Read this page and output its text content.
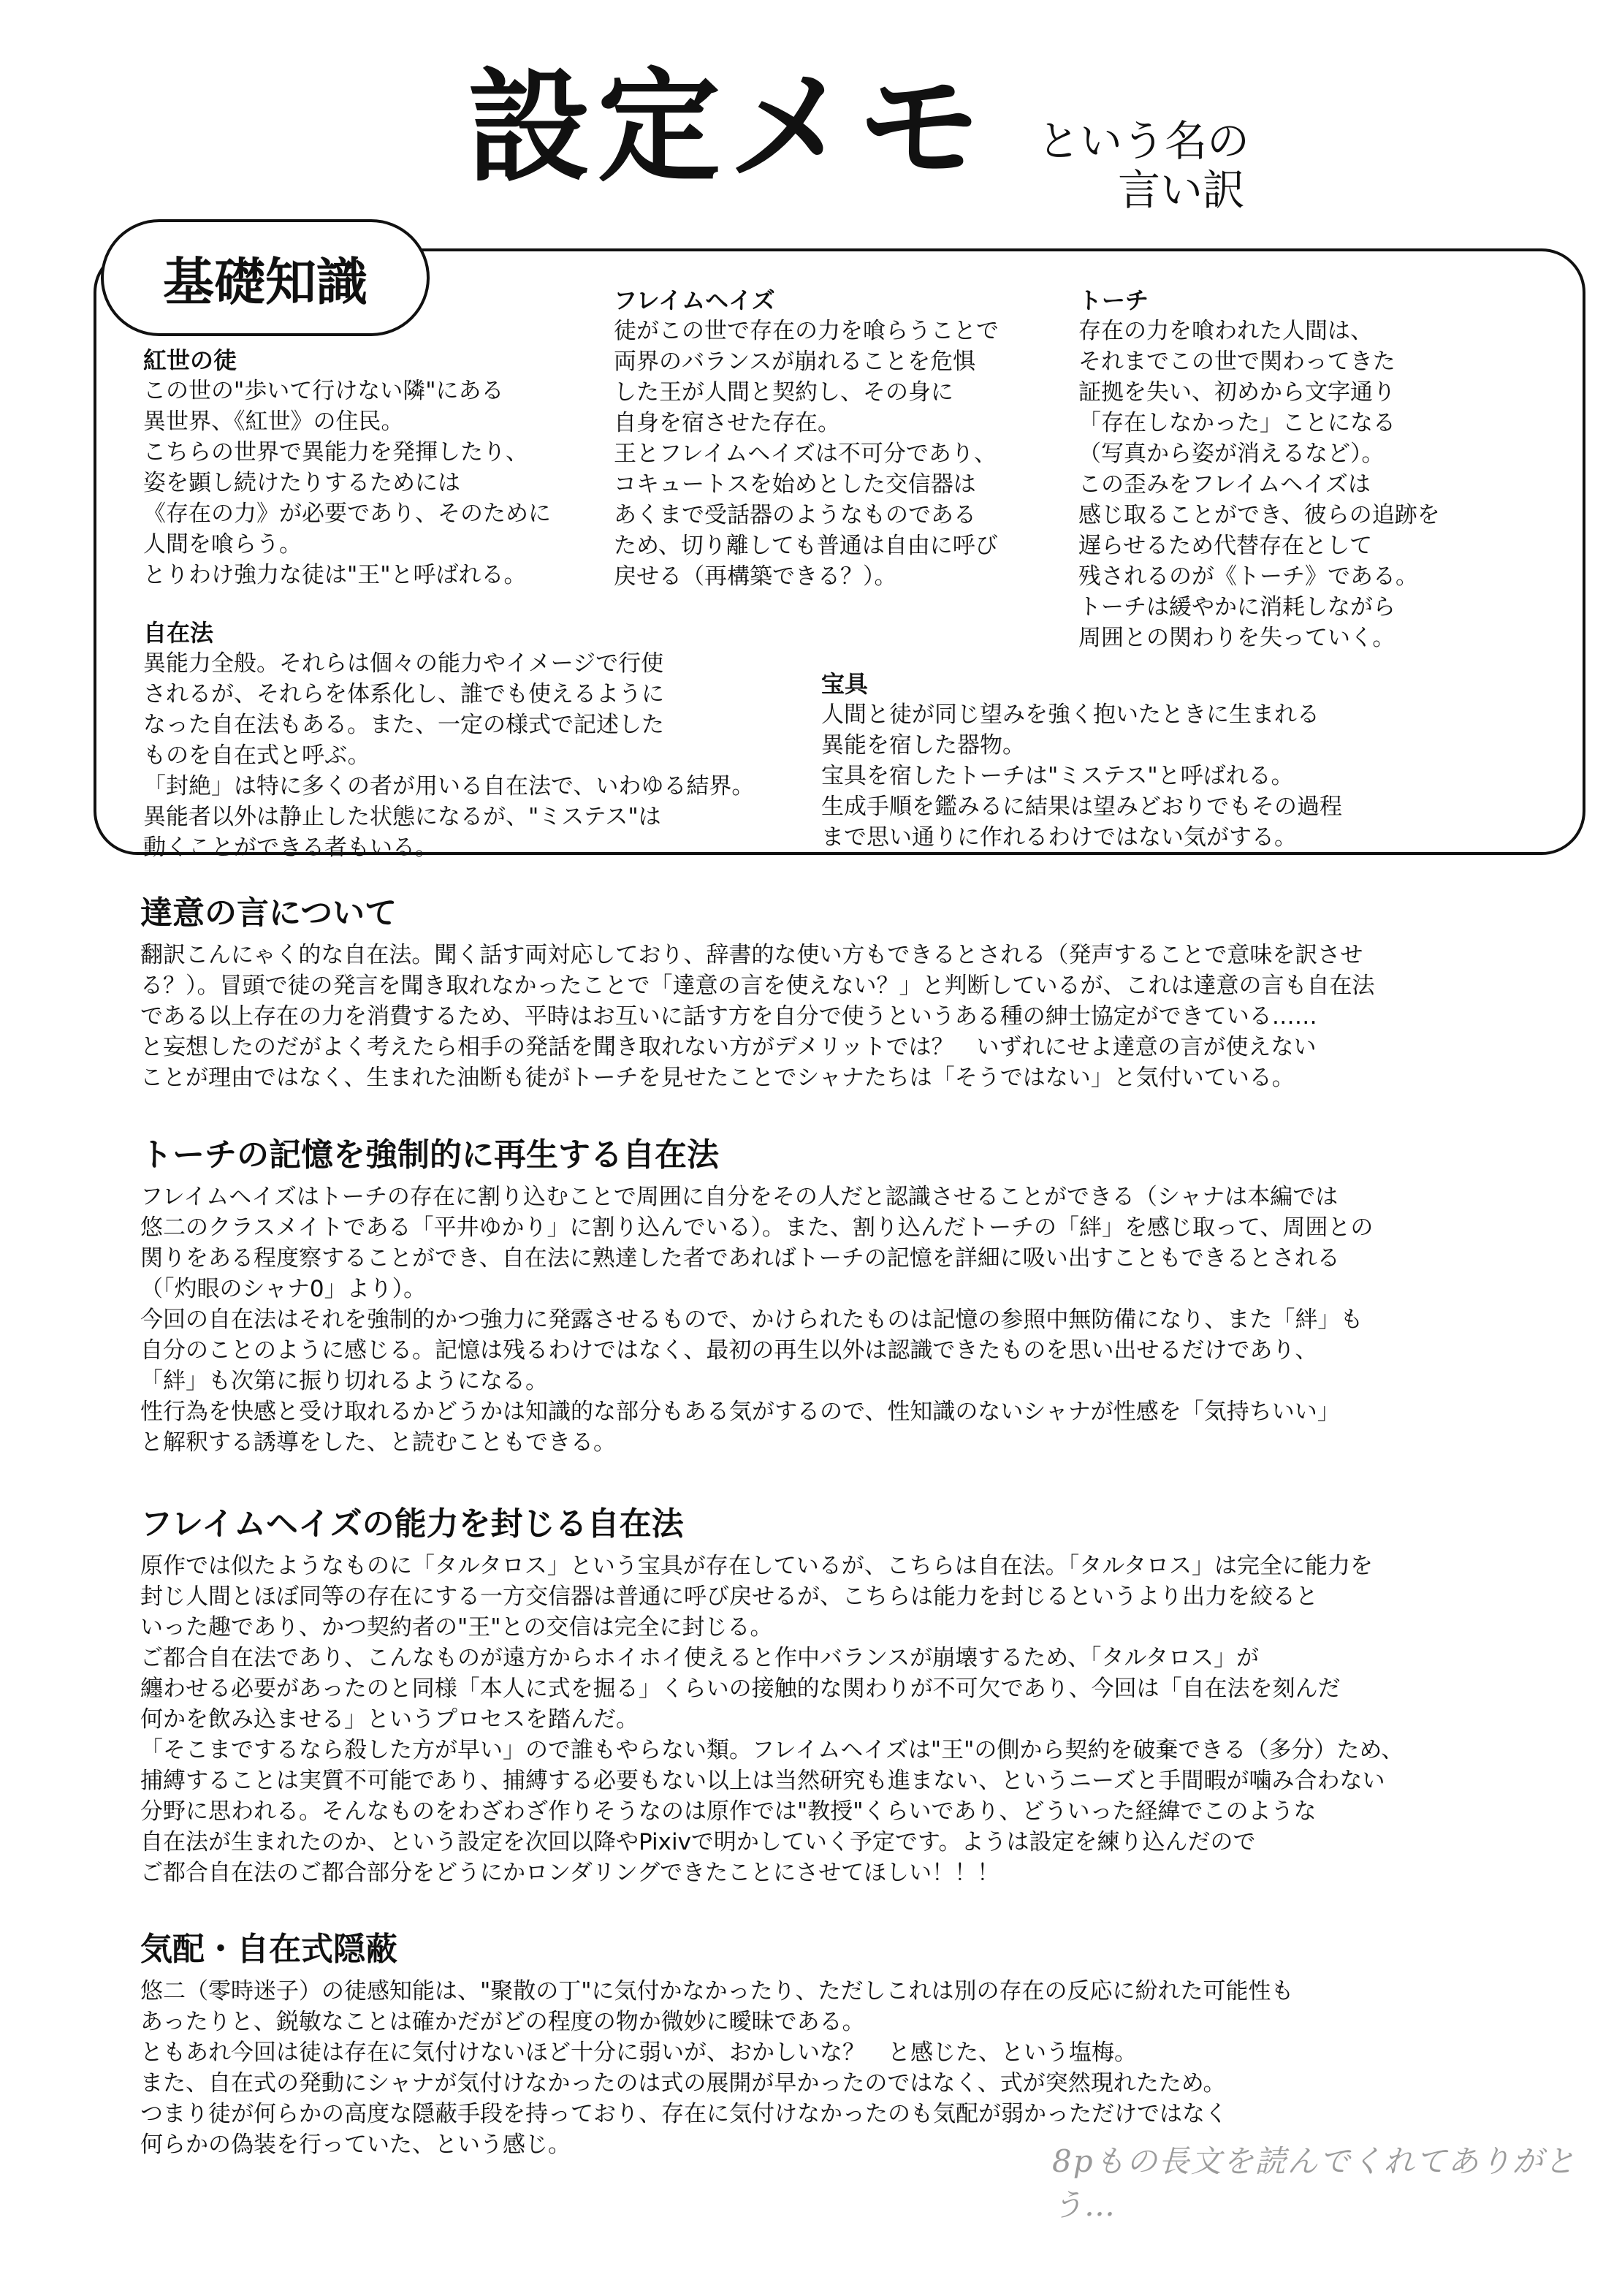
設定メモ という名の
言い訳
基礎知識
紅世の徒

この世の"歩いて行けない隣"にある
異世界、《紅世》の住民。
こちらの世界で異能力を発揮したり、
姿を顕し続けたりするためには
《存在の力》が必要であり、そのために
人間を喰らう。
とりわけ強力な徒は"王"と呼ばれる。

自在法

異能力全般。それらは個々の能力やイメージで行使
されるが、それらを体系化し、誰でも使えるように
なった自在法もある。また、一定の様式で記述した
ものを自在式と呼ぶ。
「封絶」は特に多くの者が用いる自在法で、いわゆる結界。
異能者以外は静止した状態になるが、"ミステス"は
動くことができる者もいる。

フレイムヘイズ

徒がこの世で存在の力を喰らうことで
両界のバランスが崩れることを危惧
した王が人間と契約し、その身に
自身を宿させた存在。
王とフレイムヘイズは不可分であり、
コキュートスを始めとした交信器は
あくまで受話器のようなものである
ため、切り離しても普通は自由に呼び
戻せる（再構築できる？）。

宝具

人間と徒が同じ望みを強く抱いたときに生まれる
異能を宿した器物。
宝具を宿したトーチは"ミステス"と呼ばれる。
生成手順を鑑みるに結果は望みどおりでもその過程
まで思い通りに作れるわけではない気がする。

トーチ

存在の力を喰われた人間は、
それまでこの世で関わってきた
証拠を失い、初めから文字通り
「存在しなかった」ことになる
（写真から姿が消えるなど）。
この歪みをフレイムヘイズは
感じ取ることができ、彼らの追跡を
遅らせるため代替存在として
残されるのが《トーチ》である。
トーチは緩やかに消耗しながら
周囲との関わりを失っていく。

達意の言について

翻訳こんにゃく的な自在法。聞く話す両対応しており、辞書的な使い方もできるとされる（発声することで意味を訳させ
る？）。冒頭で徒の発言を聞き取れなかったことで「達意の言を使えない？」と判断しているが、これは達意の言も自在法
である以上存在の力を消費するため、平時はお互いに話す方を自分で使うというある種の紳士協定ができている……
と妄想したのだがよく考えたら相手の発話を聞き取れない方がデメリットでは？　いずれにせよ達意の言が使えない
ことが理由ではなく、生まれた油断も徒がトーチを見せたことでシャナたちは「そうではない」と気付いている。

トーチの記憶を強制的に再生する自在法

フレイムヘイズはトーチの存在に割り込むことで周囲に自分をその人だと認識させることができる（シャナは本編では
悠二のクラスメイトである「平井ゆかり」に割り込んでいる）。また、割り込んだトーチの「絆」を感じ取って、周囲との
関りをある程度察することができ、自在法に熟達した者であればトーチの記憶を詳細に吸い出すこともできるとされる
（「灼眼のシャナ0」より）。
今回の自在法はそれを強制的かつ強力に発露させるもので、かけられたものは記憶の参照中無防備になり、また「絆」も
自分のことのように感じる。記憶は残るわけではなく、最初の再生以外は認識できたものを思い出せるだけであり、
「絆」も次第に振り切れるようになる。
性行為を快感と受け取れるかどうかは知識的な部分もある気がするので、性知識のないシャナが性感を「気持ちいい」
と解釈する誘導をした、と読むこともできる。

フレイムヘイズの能力を封じる自在法

原作では似たようなものに「タルタロス」という宝具が存在しているが、こちらは自在法。「タルタロス」は完全に能力を
封じ人間とほぼ同等の存在にする一方交信器は普通に呼び戻せるが、こちらは能力を封じるというより出力を絞ると
いった趣であり、かつ契約者の"王"との交信は完全に封じる。
ご都合自在法であり、こんなものが遠方からホイホイ使えると作中バランスが崩壊するため、「タルタロス」が
纏わせる必要があったのと同様「本人に式を掘る」くらいの接触的な関わりが不可欠であり、今回は「自在法を刻んだ
何かを飲み込ませる」というプロセスを踏んだ。
「そこまでするなら殺した方が早い」ので誰もやらない類。フレイムヘイズは"王"の側から契約を破棄できる（多分）ため、
捕縛することは実質不可能であり、捕縛する必要もない以上は当然研究も進まない、というニーズと手間暇が噛み合わない
分野に思われる。そんなものをわざわざ作りそうなのは原作では"教授"くらいであり、どういった経緯でこのような
自在法が生まれたのか、という設定を次回以降やPixivで明かしていく予定です。ようは設定を練り込んだので
ご都合自在法のご都合部分をどうにかロンダリングできたことにさせてほしい！！！

気配・自在式隠蔽

悠二（零時迷子）の徒感知能は、"聚散の丁"に気付かなかったり、ただしこれは別の存在の反応に紛れた可能性も
あったりと、鋭敏なことは確かだがどの程度の物か微妙に曖昧である。
ともあれ今回は徒は存在に気付けないほど十分に弱いが、おかしいな？　と感じた、という塩梅。
また、自在式の発動にシャナが気付けなかったのは式の展開が早かったのではなく、式が突然現れたため。
つまり徒が何らかの高度な隠蔽手段を持っており、存在に気付けなかったのも気配が弱かっただけではなく
何らかの偽装を行っていた、という感じ。	8pもの長文を読んでくれてありがとう…
